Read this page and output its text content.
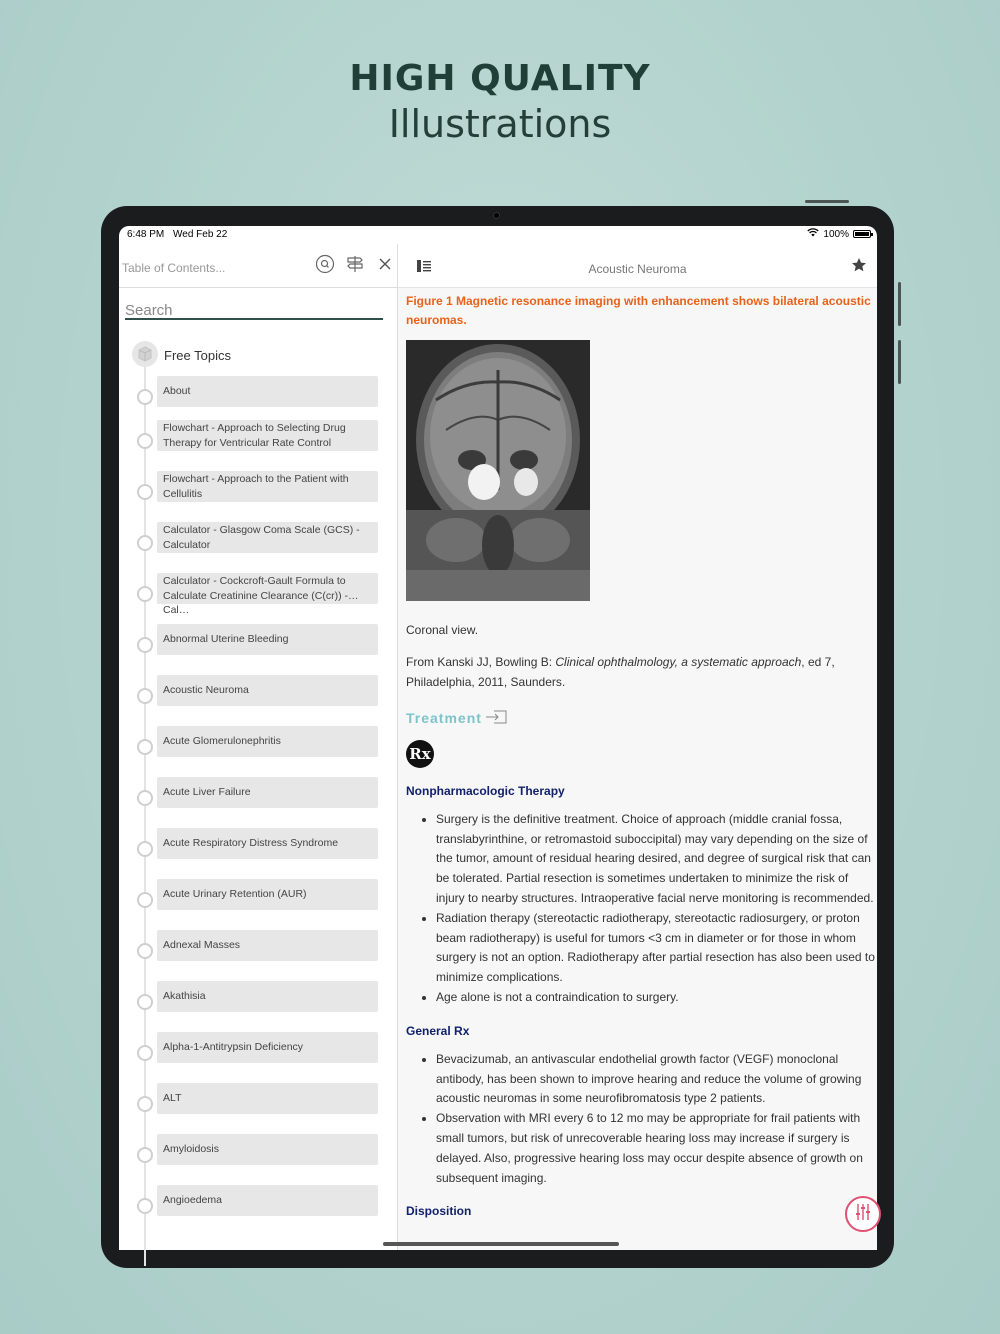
HIGH QUALITY
Illustrations
6:48 PM Wed Feb 22	100%
Table of Contents...
Search
Free Topics
About
Flowchart - Approach to Selecting Drug Therapy for Ventricular Rate Control
Flowchart - Approach to the Patient with Cellulitis
Calculator - Glasgow Coma Scale (GCS) - Calculator
Calculator - Cockcroft-Gault Formula to Calculate Creatinine Clearance (C(cr)) - Cal…
Abnormal Uterine Bleeding
Acoustic Neuroma
Acute Glomerulonephritis
Acute Liver Failure
Acute Respiratory Distress Syndrome
Acute Urinary Retention (AUR)
Adnexal Masses
Akathisia
Alpha-1-Antitrypsin Deficiency
ALT
Amyloidosis
Angioedema
Acoustic Neuroma
Figure 1 Magnetic resonance imaging with enhancement shows bilateral acoustic neuromas.

Coronal view.

From Kanski JJ, Bowling B: Clinical ophthalmology, a systematic approach, ed 7, Philadelphia, 2011, Saunders.

Treatment
Rx
Nonpharmacologic Therapy
• Surgery is the definitive treatment. Choice of approach (middle cranial fossa, translabyrinthine, or retromastoid suboccipital) may vary depending on the size of the tumor, amount of residual hearing desired, and degree of surgical risk that can be tolerated. Partial resection is sometimes undertaken to minimize the risk of injury to nearby structures. Intraoperative facial nerve monitoring is recommended.
• Radiation therapy (stereotactic radiotherapy, stereotactic radiosurgery, or proton beam radiotherapy) is useful for tumors <3 cm in diameter or for those in whom surgery is not an option. Radiotherapy after partial resection has also been used to minimize complications.
• Age alone is not a contraindication to surgery.
General Rx
• Bevacizumab, an antivascular endothelial growth factor (VEGF) monoclonal antibody, has been shown to improve hearing and reduce the volume of growing acoustic neuromas in some neurofibromatosis type 2 patients.
• Observation with MRI every 6 to 12 mo may be appropriate for frail patients with small tumors, but risk of unrecoverable hearing loss may increase if surgery is delayed. Also, progressive hearing loss may occur despite absence of growth on subsequent imaging.
Disposition
